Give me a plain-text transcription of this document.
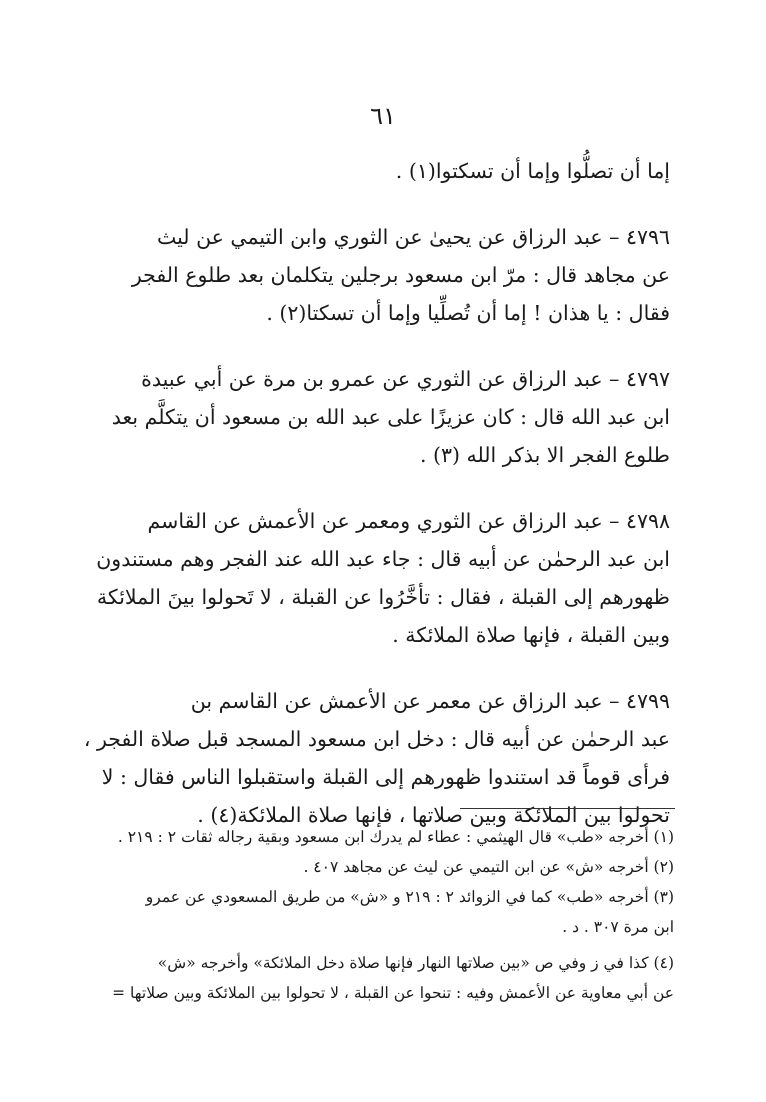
٦١
إما أن تصلُّوا وإما أن تسكتوا(١) .
٤٧٩٦ – عبد الرزاق عن يحيىٰ عن الثوري وابن التيمي عن ليث
عن مجاهد قال : مرّ ابن مسعود برجلين يتكلمان بعد طلوع الفجر
فقال : يا هذان ! إما أن تُصلِّيا وإما أن تسكتا(٢) .
٤٧٩٧ – عبد الرزاق عن الثوري عن عمرو بن مرة عن أبي عبيدة
ابن عبد الله قال : كان عزيزًا على عبد الله بن مسعود أن يتكلَّم بعد
طلوع الفجر الا بذكر الله (٣) .
٤٧٩٨ – عبد الرزاق عن الثوري ومعمر عن الأعمش عن القاسم
ابن عبد الرحمٰن عن أبيه قال : جاء عبد الله عند الفجر وهم مستندون
ظهورهم إلى القبلة ، فقال : تأخَّرُوا عن القبلة ، لا تَحولوا بينَ الملائكة
وبين القبلة ، فإنها صلاة الملائكة .
٤٧٩٩ – عبد الرزاق عن معمر عن الأعمش عن القاسم بن
عبد الرحمٰن عن أبيه قال : دخل ابن مسعود المسجد قبل صلاة الفجر ،
فرأى قوماً قد استندوا ظهورهم إلى القبلة واستقبلوا الناس فقال : لا
تحولوا بين الملائكة وبين صلاتها ، فإنها صلاة الملائكة(٤) .
(١) أخرجه «طب» قال الهيثمي : عطاء لم يدرك ابن مسعود وبقية رجاله ثقات ٢ : ٢١٩ .
(٢) أخرجه «ش» عن ابن التيمي عن ليث عن مجاهد ٤٠٧ .
(٣) أخرجه «طب» كما في الزوائد ٢ : ٢١٩ و «ش» من طريق المسعودي عن عمرو
ابن مرة ٣٠٧ . د .
(٤) كذا في ز وفي ص «بين صلاتها النهار فإنها صلاة دخل الملائكة» وأخرجه «ش»
عن أبي معاوية عن الأعمش وفيه : تنحوا عن القبلة ، لا تحولوا بين الملائكة وبين صلاتها =
